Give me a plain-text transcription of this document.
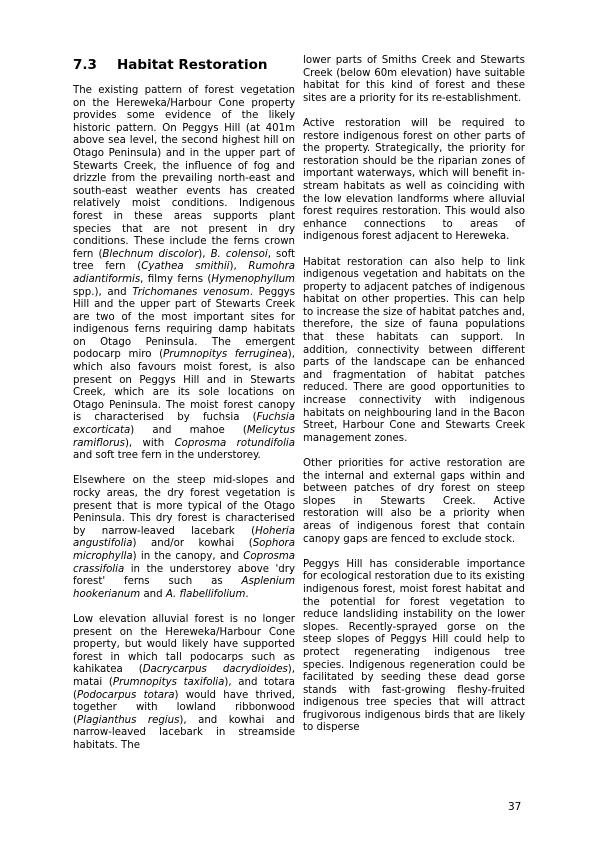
7.3	Habitat Restoration

The existing pattern of forest vegetation on the Hereweka/Harbour Cone property provides some evidence of the likely historic pattern. On Peggys Hill (at 401m above sea level, the second highest hill on Otago Peninsula) and in the upper part of Stewarts Creek, the influence of fog and drizzle from the prevailing north-east and south-east weather events has created relatively moist conditions. Indigenous forest in these areas supports plant species that are not present in dry conditions. These include the ferns crown fern (Blechnum discolor), B. colensoi, soft tree fern (Cyathea smithii), Rumohra adiantiformis, filmy ferns (Hymenophyllum spp.), and Trichomanes venosum. Peggys Hill and the upper part of Stewarts Creek are two of the most important sites for indigenous ferns requiring damp habitats on Otago Peninsula. The emergent podocarp miro (Prumnopitys ferruginea), which also favours moist forest, is also present on Peggys Hill and in Stewarts Creek, which are its sole locations on Otago Peninsula. The moist forest canopy is characterised by fuchsia (Fuchsia excorticata) and mahoe (Melicytus ramiflorus), with Coprosma rotundifolia and soft tree fern in the understorey.

Elsewhere on the steep mid-slopes and rocky areas, the dry forest vegetation is present that is more typical of the Otago Peninsula. This dry forest is characterised by narrow-leaved lacebark (Hoheria angustifolia) and/or kowhai (Sophora microphylla) in the canopy, and Coprosma crassifolia in the understorey above 'dry forest' ferns such as Asplenium hookerianum and A. flabellifolium.

Low elevation alluvial forest is no longer present on the Hereweka/Harbour Cone property, but would likely have supported forest in which tall podocarps such as kahikatea (Dacrycarpus dacrydioides), matai (Prumnopitys taxifolia), and totara (Podocarpus totara) would have thrived, together with lowland ribbonwood (Plagianthus regius), and kowhai and narrow-leaved lacebark in streamside habitats. The

lower parts of Smiths Creek and Stewarts Creek (below 60m elevation) have suitable habitat for this kind of forest and these sites are a priority for its re-establishment.

Active restoration will be required to restore indigenous forest on other parts of the property. Strategically, the priority for restoration should be the riparian zones of important waterways, which will benefit in-stream habitats as well as coinciding with the low elevation landforms where alluvial forest requires restoration. This would also enhance connections to areas of indigenous forest adjacent to Hereweka.

Habitat restoration can also help to link indigenous vegetation and habitats on the property to adjacent patches of indigenous habitat on other properties. This can help to increase the size of habitat patches and, therefore, the size of fauna populations that these habitats can support. In addition, connectivity between different parts of the landscape can be enhanced and fragmentation of habitat patches reduced. There are good opportunities to increase connectivity with indigenous habitats on neighbouring land in the Bacon Street, Harbour Cone and Stewarts Creek management zones.

Other priorities for active restoration are the internal and external gaps within and between patches of dry forest on steep slopes in Stewarts Creek. Active restoration will also be a priority when areas of indigenous forest that contain canopy gaps are fenced to exclude stock.

Peggys Hill has considerable importance for ecological restoration due to its existing indigenous forest, moist forest habitat and the potential for forest vegetation to reduce landsliding instability on the lower slopes. Recently-sprayed gorse on the steep slopes of Peggys Hill could help to protect regenerating indigenous tree species. Indigenous regeneration could be facilitated by seeding these dead gorse stands with fast-growing fleshy-fruited indigenous tree species that will attract frugivorous indigenous birds that are likely to disperse

37
